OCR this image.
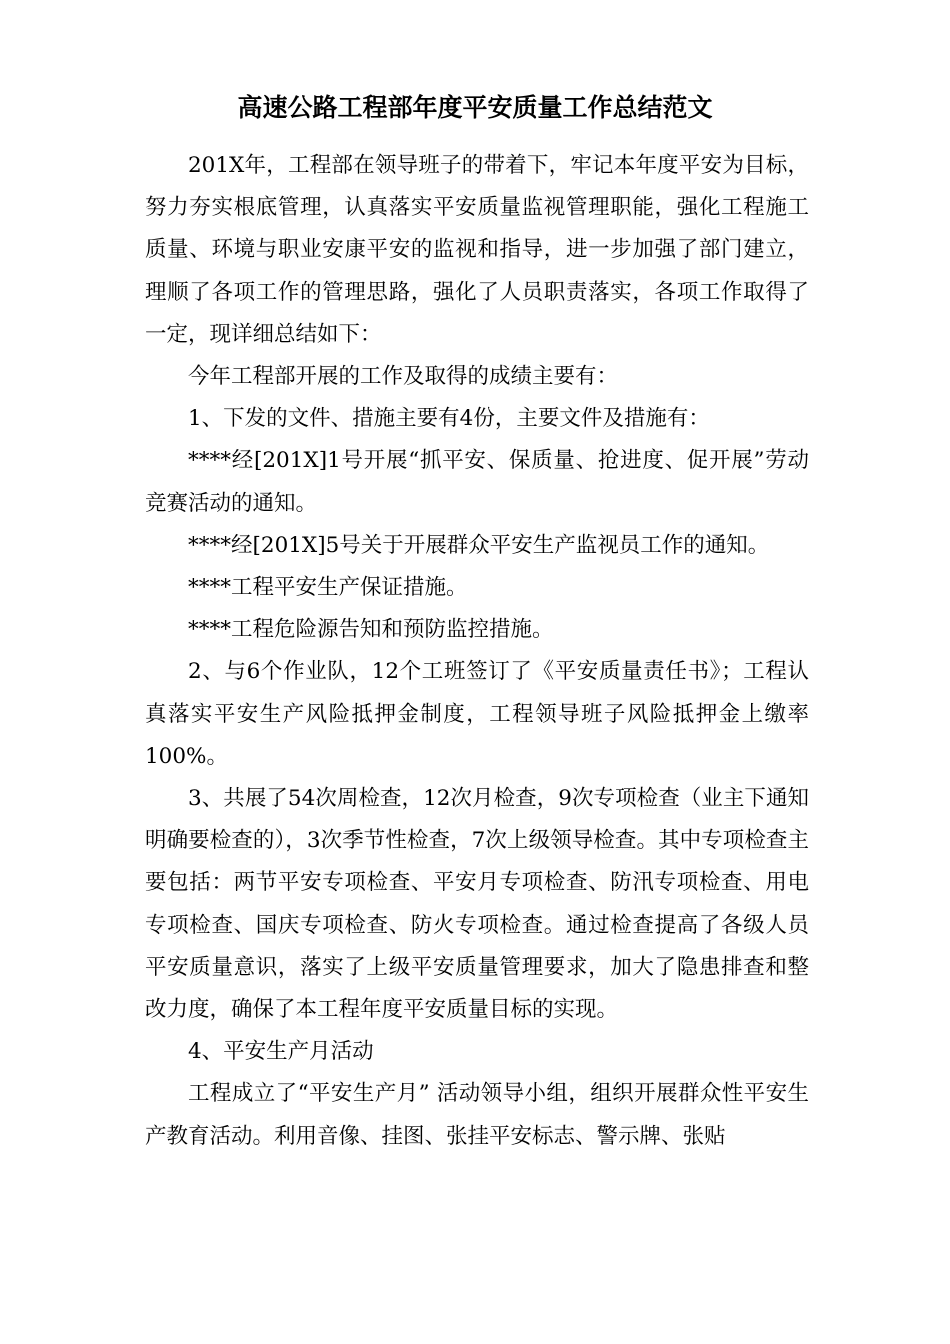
高速公路工程部年度平安质量工作总结范文

201X年，工程部在领导班子的带着下，牢记本年度平安为目标，努力夯实根底管理，认真落实平安质量监视管理职能，强化工程施工质量、环境与职业安康平安的监视和指导，进一步加强了部门建立，理顺了各项工作的管理思路，强化了人员职责落实，各项工作取得了一定，现详细总结如下：

今年工程部开展的工作及取得的成绩主要有：

1、下发的文件、措施主要有4份，主要文件及措施有：

****经[201X]1号开展“抓平安、保质量、抢进度、促开展”劳动竞赛活动的通知。

****经[201X]5号关于开展群众平安生产监视员工作的通知。

****工程平安生产保证措施。

****工程危险源告知和预防监控措施。

2、与6个作业队，12个工班签订了《平安质量责任书》；工程认真落实平安生产风险抵押金制度，工程领导班子风险抵押金上缴率100%。

3、共展了54次周检查，12次月检查，9次专项检查（业主下通知明确要检查的），3次季节性检查，7次上级领导检查。其中专项检查主要包括：两节平安专项检查、平安月专项检查、防汛专项检查、用电专项检查、国庆专项检查、防火专项检查。通过检查提高了各级人员平安质量意识，落实了上级平安质量管理要求，加大了隐患排查和整改力度，确保了本工程年度平安质量目标的实现。

4、平安生产月活动

工程成立了“平安生产月” 活动领导小组，组织开展群众性平安生产教育活动。利用音像、挂图、张挂平安标志、警示牌、张贴
